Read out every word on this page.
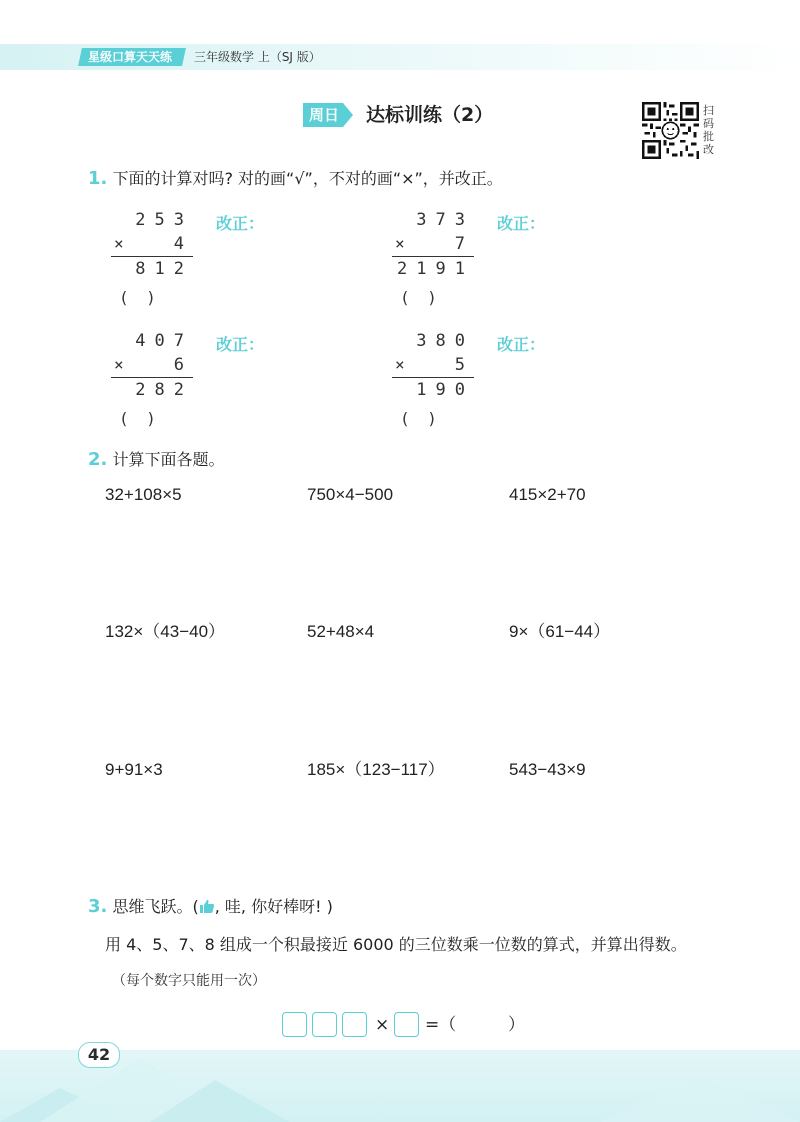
星级口算天天练	三年级数学 上（SJ 版）
周日	达标训练（2）	扫码批改
1. 下面的计算对吗? 对的画“√”，不对的画“×”，并改正。
253
× 4
812
(    )
改正：	373
× 7
2191
(    )
改正：
407
× 6
282
(    )
改正：	380
× 5
190
(    )
改正：
2. 计算下面各题。
32+108×5	750×4−500	415×2+70
132×（43−40）	52+48×4	9×（61−44）
9+91×3	185×（123−117）	543−43×9
3. 思维飞跃。( , 哇, 你好棒呀! )
用 4、5、7、8 组成一个积最接近 6000 的三位数乘一位数的算式，并算出得数。
（每个数字只能用一次）
× =（	）
42
